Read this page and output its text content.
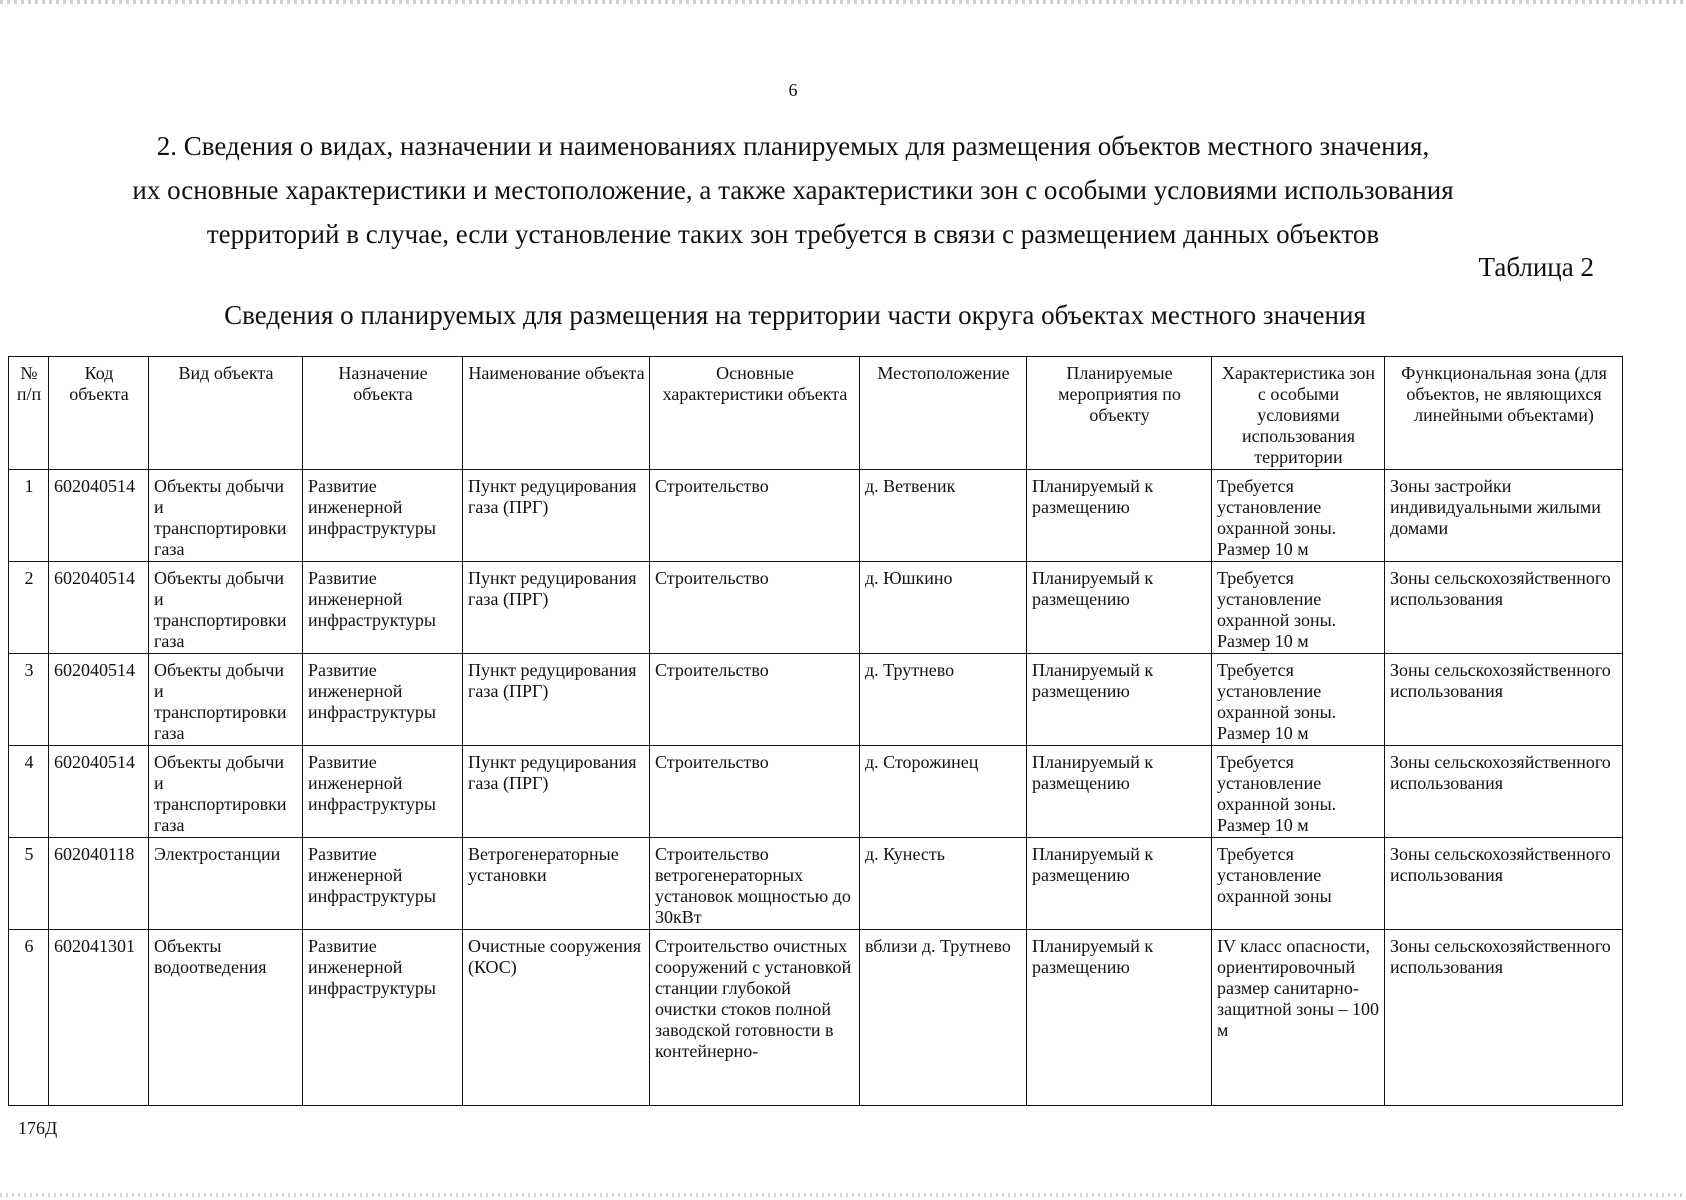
6
2. Сведения о видах, назначении и наименованиях планируемых для размещения объектов местного значения,
их основные характеристики и местоположение, а также характеристики зон с особыми условиями использования
территорий в случае, если установление таких зон требуется в связи с размещением данных объектов
Таблица 2
Сведения о планируемых для размещения на территории части округа объектах местного значения
№ п/п	Код объекта	Вид объекта	Назначение объекта	Наименование объекта	Основные характеристики объекта	Местоположение	Планируемые мероприятия по объекту	Характеристика зон с особыми условиями использования территории	Функциональная зона (для объектов, не являющихся линейными объектами)
1	602040514	Объекты добычи и транспортировки газа	Развитие инженерной инфраструктуры	Пункт редуцирования газа (ПРГ)	Строительство	д. Ветвеник	Планируемый к размещению	Требуется установление охранной зоны. Размер 10 м	Зоны застройки индивидуальными жилыми домами
2	602040514	Объекты добычи и транспортировки газа	Развитие инженерной инфраструктуры	Пункт редуцирования газа (ПРГ)	Строительство	д. Юшкино	Планируемый к размещению	Требуется установление охранной зоны. Размер 10 м	Зоны сельскохозяйственного использования
3	602040514	Объекты добычи и транспортировки газа	Развитие инженерной инфраструктуры	Пункт редуцирования газа (ПРГ)	Строительство	д. Трутнево	Планируемый к размещению	Требуется установление охранной зоны. Размер 10 м	Зоны сельскохозяйственного использования
4	602040514	Объекты добычи и транспортировки газа	Развитие инженерной инфраструктуры	Пункт редуцирования газа (ПРГ)	Строительство	д. Сторожинец	Планируемый к размещению	Требуется установление охранной зоны. Размер 10 м	Зоны сельскохозяйственного использования
5	602040118	Электростанции	Развитие инженерной инфраструктуры	Ветрогенераторные установки	Строительство ветрогенераторных установок мощностью до 30кВт	д. Кунесть	Планируемый к размещению	Требуется установление охранной зоны	Зоны сельскохозяйственного использования
6	602041301	Объекты водоотведения	Развитие инженерной инфраструктуры	Очистные сооружения (КОС)	Строительство очистных сооружений с установкой станции глубокой очистки стоков полной заводской готовности в контейнерно-	вблизи д. Трутнево	Планируемый к размещению	IV класс опасности, ориентировочный размер санитарно-защитной зоны – 100 м	Зоны сельскохозяйственного использования
176Д
